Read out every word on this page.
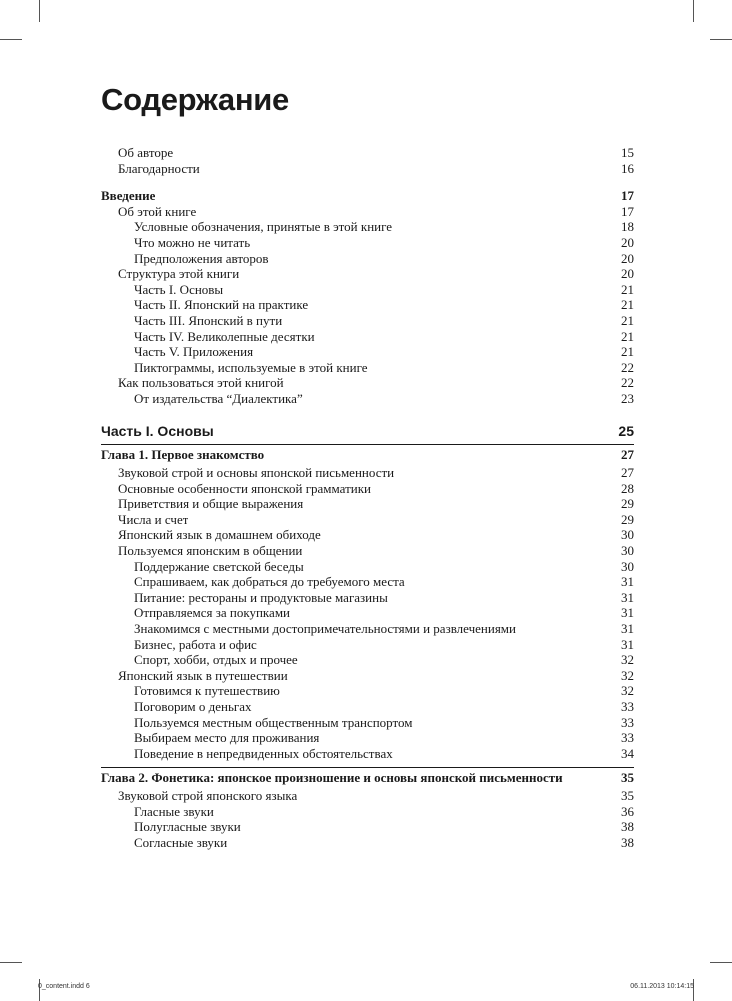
Содержание
Об авторе	15
Благодарности	16
Введение	17
Об этой книге	17
Условные обозначения, принятые в этой книге	18
Что можно не читать	20
Предположения авторов	20
Структура этой книги	20
Часть I. Основы	21
Часть II. Японский на практике	21
Часть III. Японский в пути	21
Часть IV. Великолепные десятки	21
Часть V. Приложения	21
Пиктограммы, используемые в этой книге	22
Как пользоваться этой книгой	22
От издательства “Диалектика”	23
Часть I. Основы	25
Глава 1. Первое знакомство	27
Звуковой строй и основы японской письменности	27
Основные особенности японской грамматики	28
Приветствия и общие выражения	29
Числа и счет	29
Японский язык в домашнем обиходе	30
Пользуемся японским в общении	30
Поддержание светской беседы	30
Спрашиваем, как добраться до требуемого места	31
Питание: рестораны и продуктовые магазины	31
Отправляемся за покупками	31
Знакомимся с местными достопримечательностями и развлечениями	31
Бизнес, работа и офис	31
Спорт, хобби, отдых и прочее	32
Японский язык в путешествии	32
Готовимся к путешествию	32
Поговорим о деньгах	33
Пользуемся местным общественным транспортом	33
Выбираем место для проживания	33
Поведение в непредвиденных обстоятельствах	34
Глава 2. Фонетика: японское произношение и основы японской письменности	35
Звуковой строй японского языка	35
Гласные звуки	36
Полугласные звуки	38
Согласные звуки	38
0_content.indd 6	06.11.2013 10:14:15
